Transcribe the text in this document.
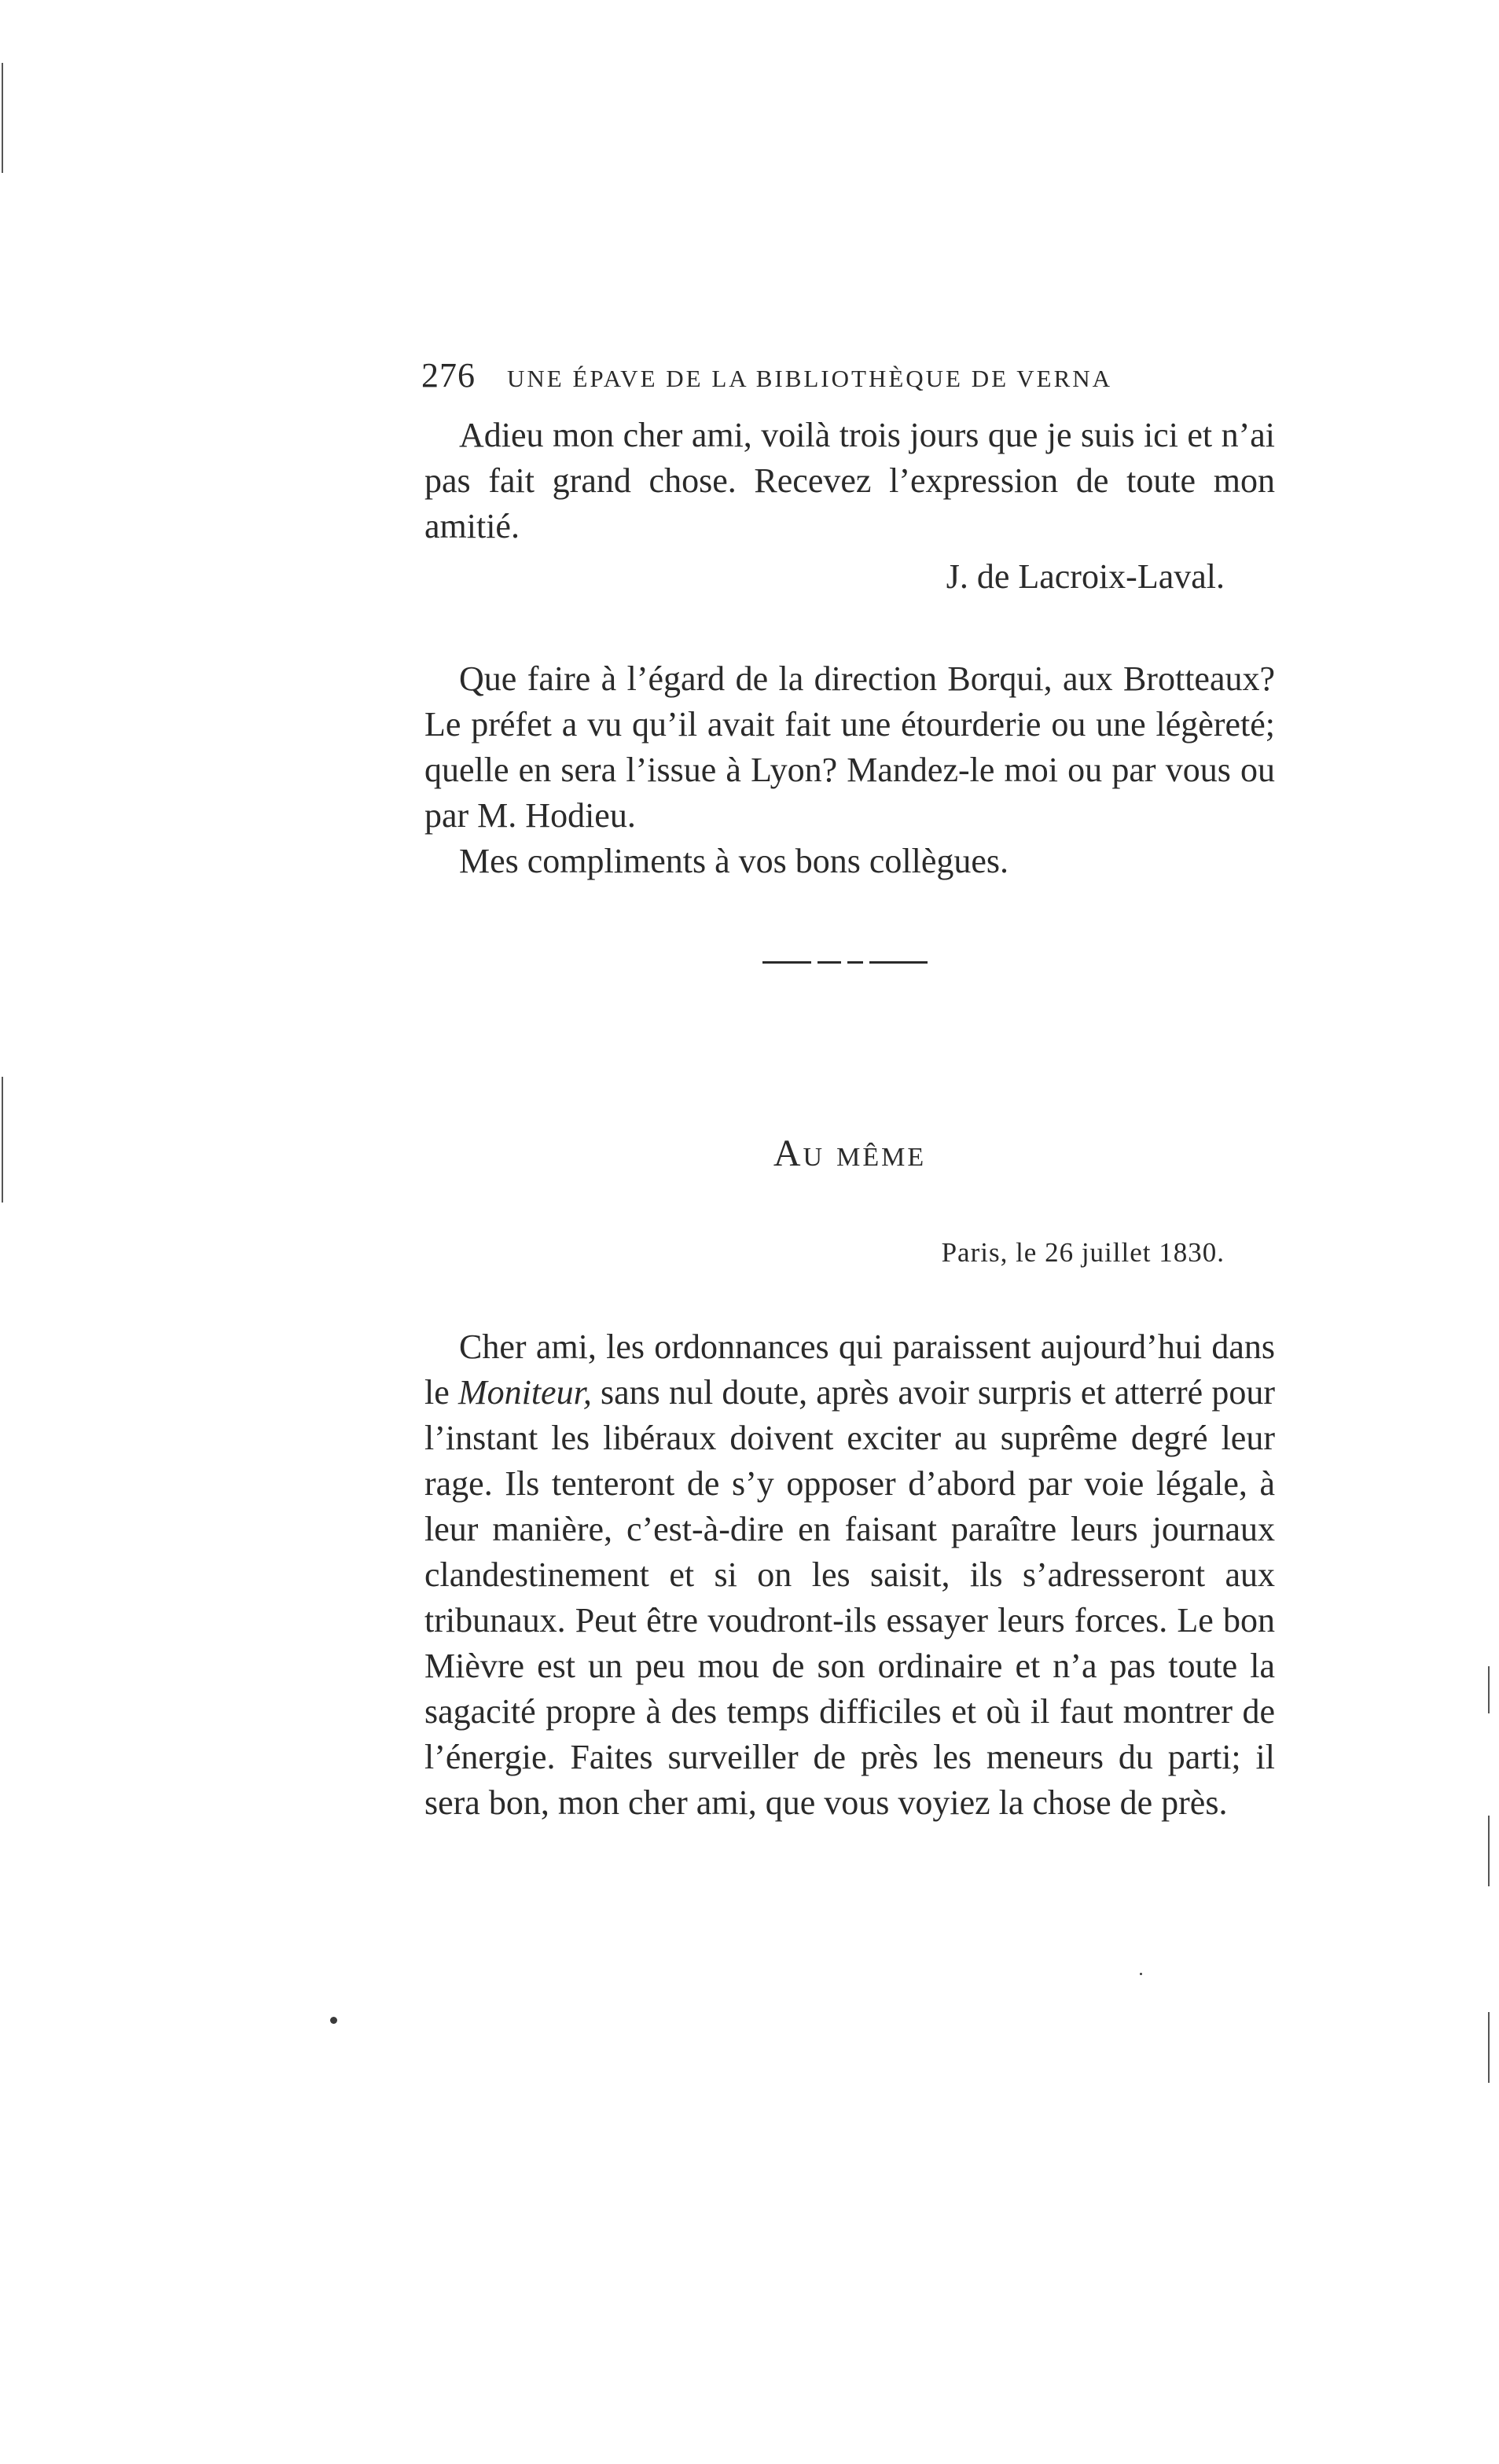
276 UNE ÉPAVE DE LA BIBLIOTHÈQUE DE VERNA

Adieu mon cher ami, voilà trois jours que je suis ici et n’ai pas fait grand chose. Recevez l’expression de toute mon amitié.

J. de Lacroix-Laval.

Que faire à l’égard de la direction Borqui, aux Brotteaux? Le préfet a vu qu’il avait fait une étourderie ou une légèreté; quelle en sera l’issue à Lyon? Mandez-le moi ou par vous ou par M. Hodieu.

Mes compliments à vos bons collègues.

Au même
Paris, le 26 juillet 1830.

Cher ami, les ordonnances qui paraissent aujourd’hui dans le Moniteur, sans nul doute, après avoir surpris et atterré pour l’instant les libéraux doivent exciter au suprême degré leur rage. Ils tenteront de s’y opposer d’abord par voie légale, à leur manière, c’est-à-dire en faisant paraître leurs journaux clandestinement et si on les saisit, ils s’adresseront aux tribunaux. Peut être voudront-ils essayer leurs forces. Le bon Mièvre est un peu mou de son ordinaire et n’a pas toute la sagacité propre à des temps difficiles et où il faut montrer de l’énergie. Faites surveiller de près les meneurs du parti; il sera bon, mon cher ami, que vous voyiez la chose de près.
